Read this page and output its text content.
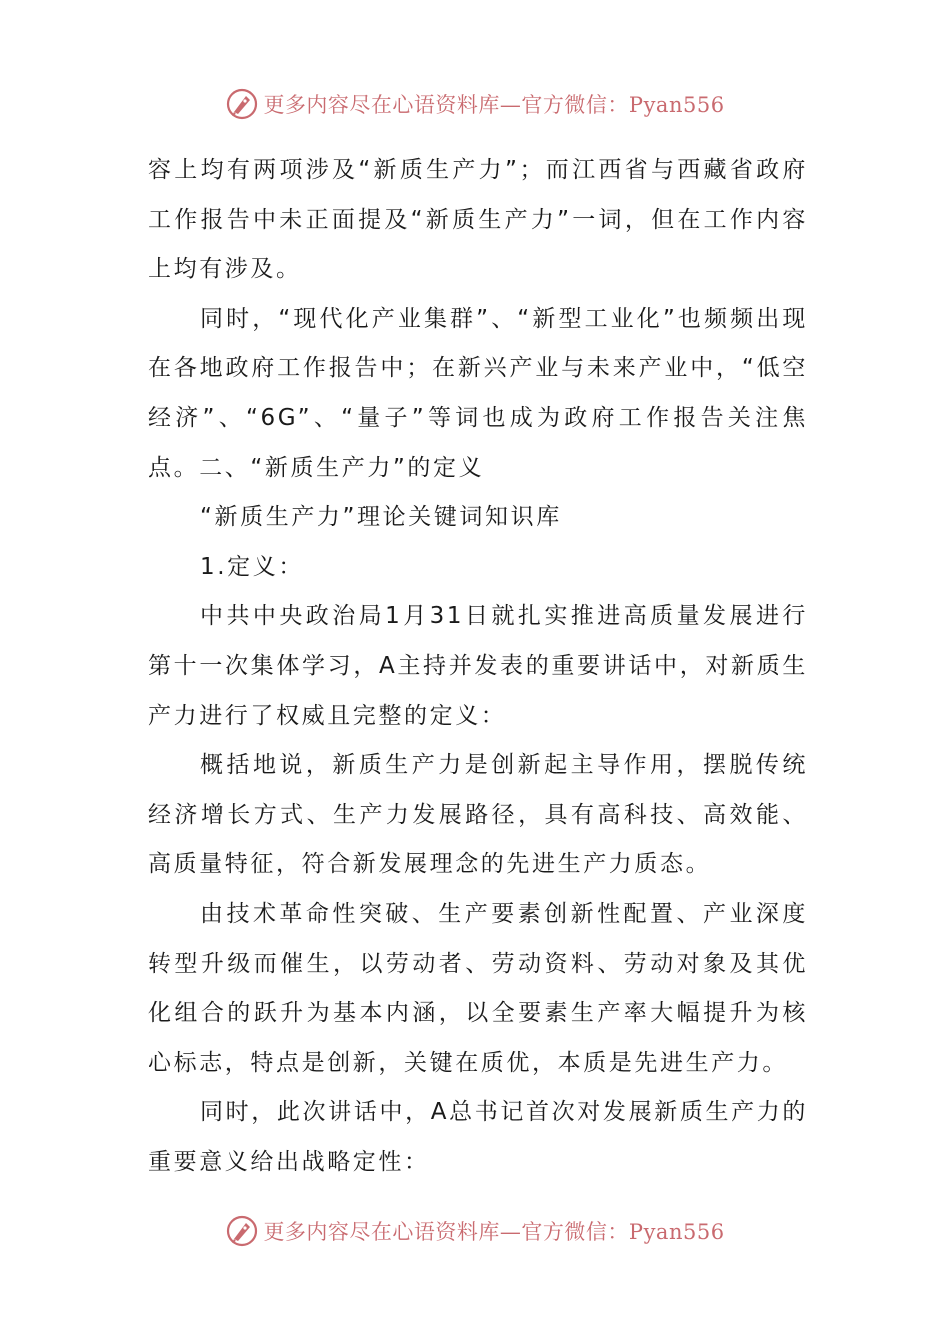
更多内容尽在心语资料库—官方微信：Pyan556

容上均有两项涉及“新质生产力”；而江西省与西藏省政府工作报告中未正面提及“新质生产力”一词，但在工作内容上均有涉及。

同时，“现代化产业集群”、“新型工业化”也频频出现在各地政府工作报告中；在新兴产业与未来产业中，“低空经济”、“6G”、“量子”等词也成为政府工作报告关注焦点。二、“新质生产力”的定义

“新质生产力”理论关键词知识库

1.定义：

中共中央政治局1月31日就扎实推进高质量发展进行第十一次集体学习，A主持并发表的重要讲话中，对新质生产力进行了权威且完整的定义：

概括地说，新质生产力是创新起主导作用，摆脱传统经济增长方式、生产力发展路径，具有高科技、高效能、高质量特征，符合新发展理念的先进生产力质态。

由技术革命性突破、生产要素创新性配置、产业深度转型升级而催生，以劳动者、劳动资料、劳动对象及其优化组合的跃升为基本内涵，以全要素生产率大幅提升为核心标志，特点是创新，关键在质优，本质是先进生产力。

同时，此次讲话中，A总书记首次对发展新质生产力的重要意义给出战略定性：

更多内容尽在心语资料库—官方微信：Pyan556
